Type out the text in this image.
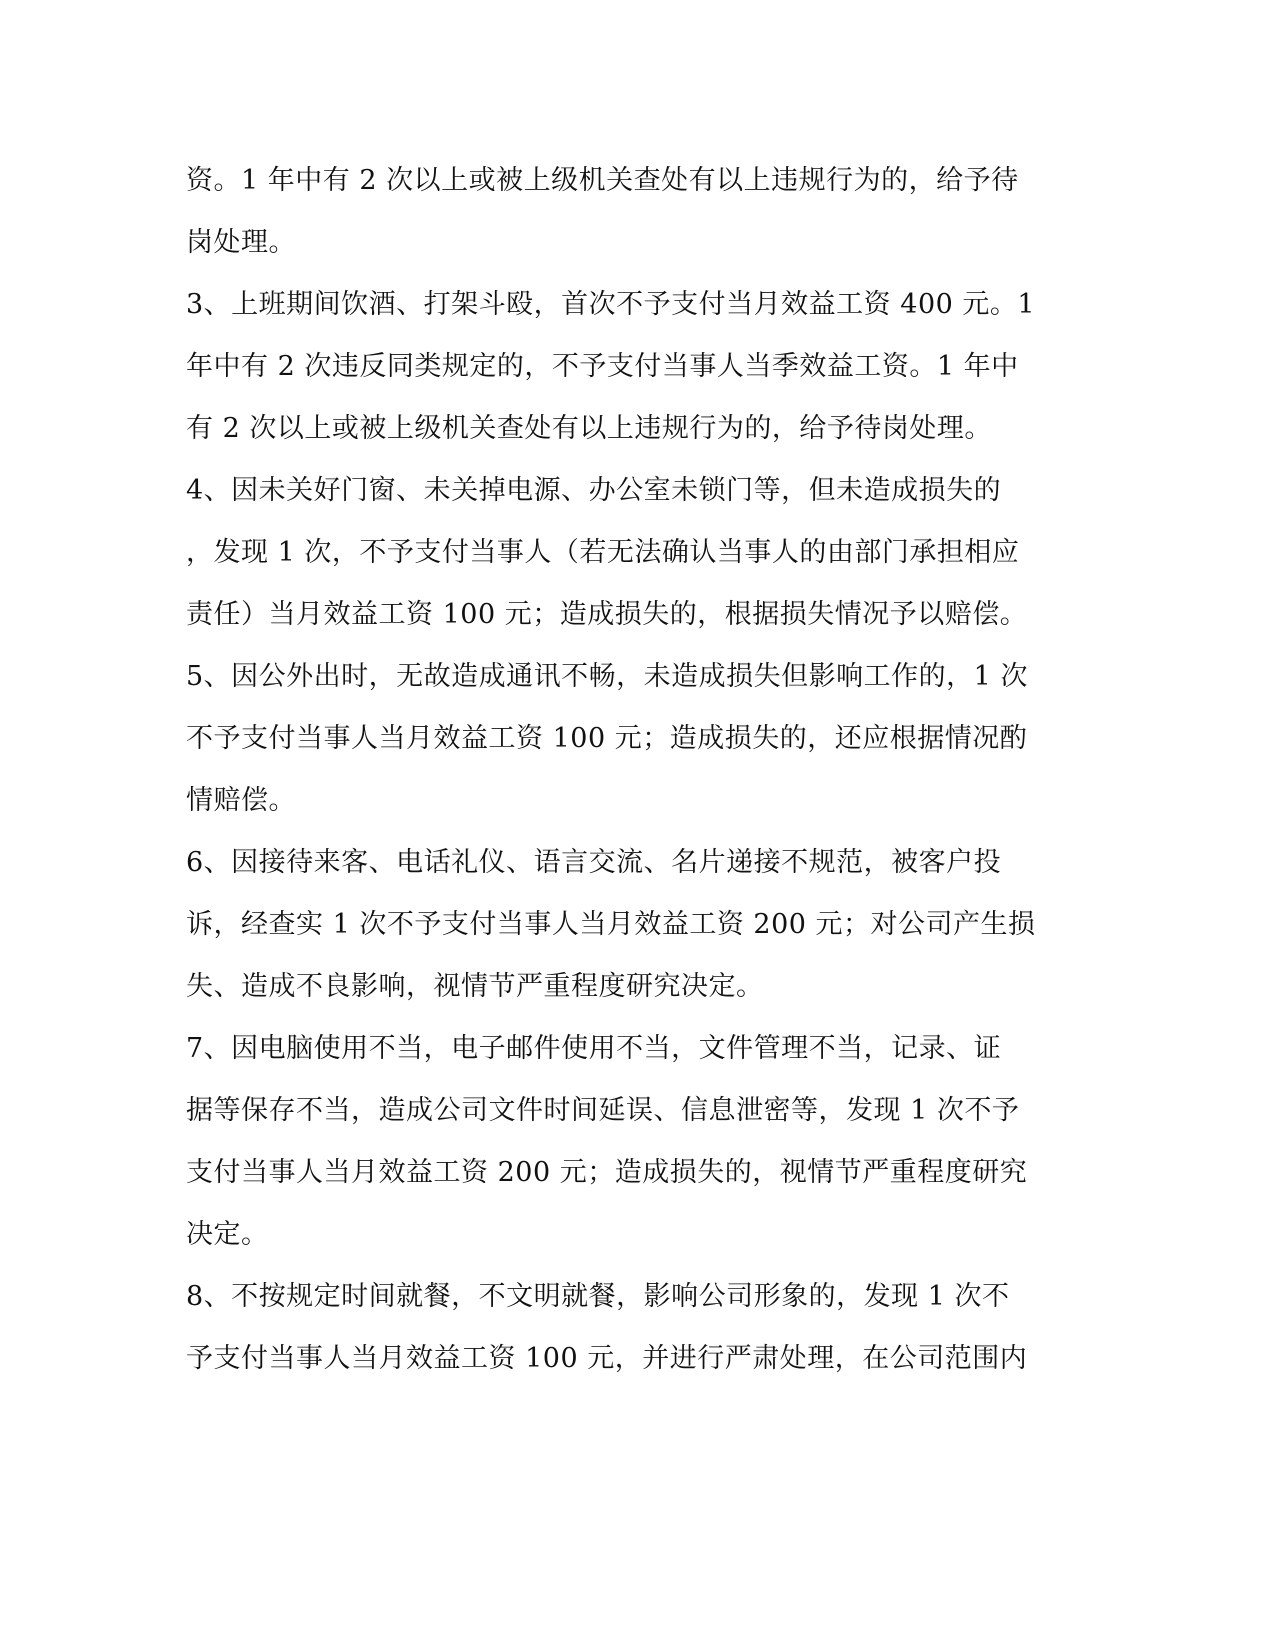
资。1 年中有 2 次以上或被上级机关查处有以上违规行为的，给予待
岗处理。
3、上班期间饮酒、打架斗殴，首次不予支付当月效益工资 400 元。1
年中有 2 次违反同类规定的，不予支付当事人当季效益工资。1 年中
有 2 次以上或被上级机关查处有以上违规行为的，给予待岗处理。
4、因未关好门窗、未关掉电源、办公室未锁门等，但未造成损失的
，发现 1 次，不予支付当事人（若无法确认当事人的由部门承担相应
责任）当月效益工资 100 元；造成损失的，根据损失情况予以赔偿。
5、因公外出时，无故造成通讯不畅，未造成损失但影响工作的，1 次
不予支付当事人当月效益工资 100 元；造成损失的，还应根据情况酌
情赔偿。
6、因接待来客、电话礼仪、语言交流、名片递接不规范，被客户投
诉，经查实 1 次不予支付当事人当月效益工资 200 元；对公司产生损
失、造成不良影响，视情节严重程度研究决定。
7、因电脑使用不当，电子邮件使用不当，文件管理不当，记录、证
据等保存不当，造成公司文件时间延误、信息泄密等，发现 1 次不予
支付当事人当月效益工资 200 元；造成损失的，视情节严重程度研究
决定。
8、不按规定时间就餐，不文明就餐，影响公司形象的，发现 1 次不
予支付当事人当月效益工资 100 元，并进行严肃处理，在公司范围内
